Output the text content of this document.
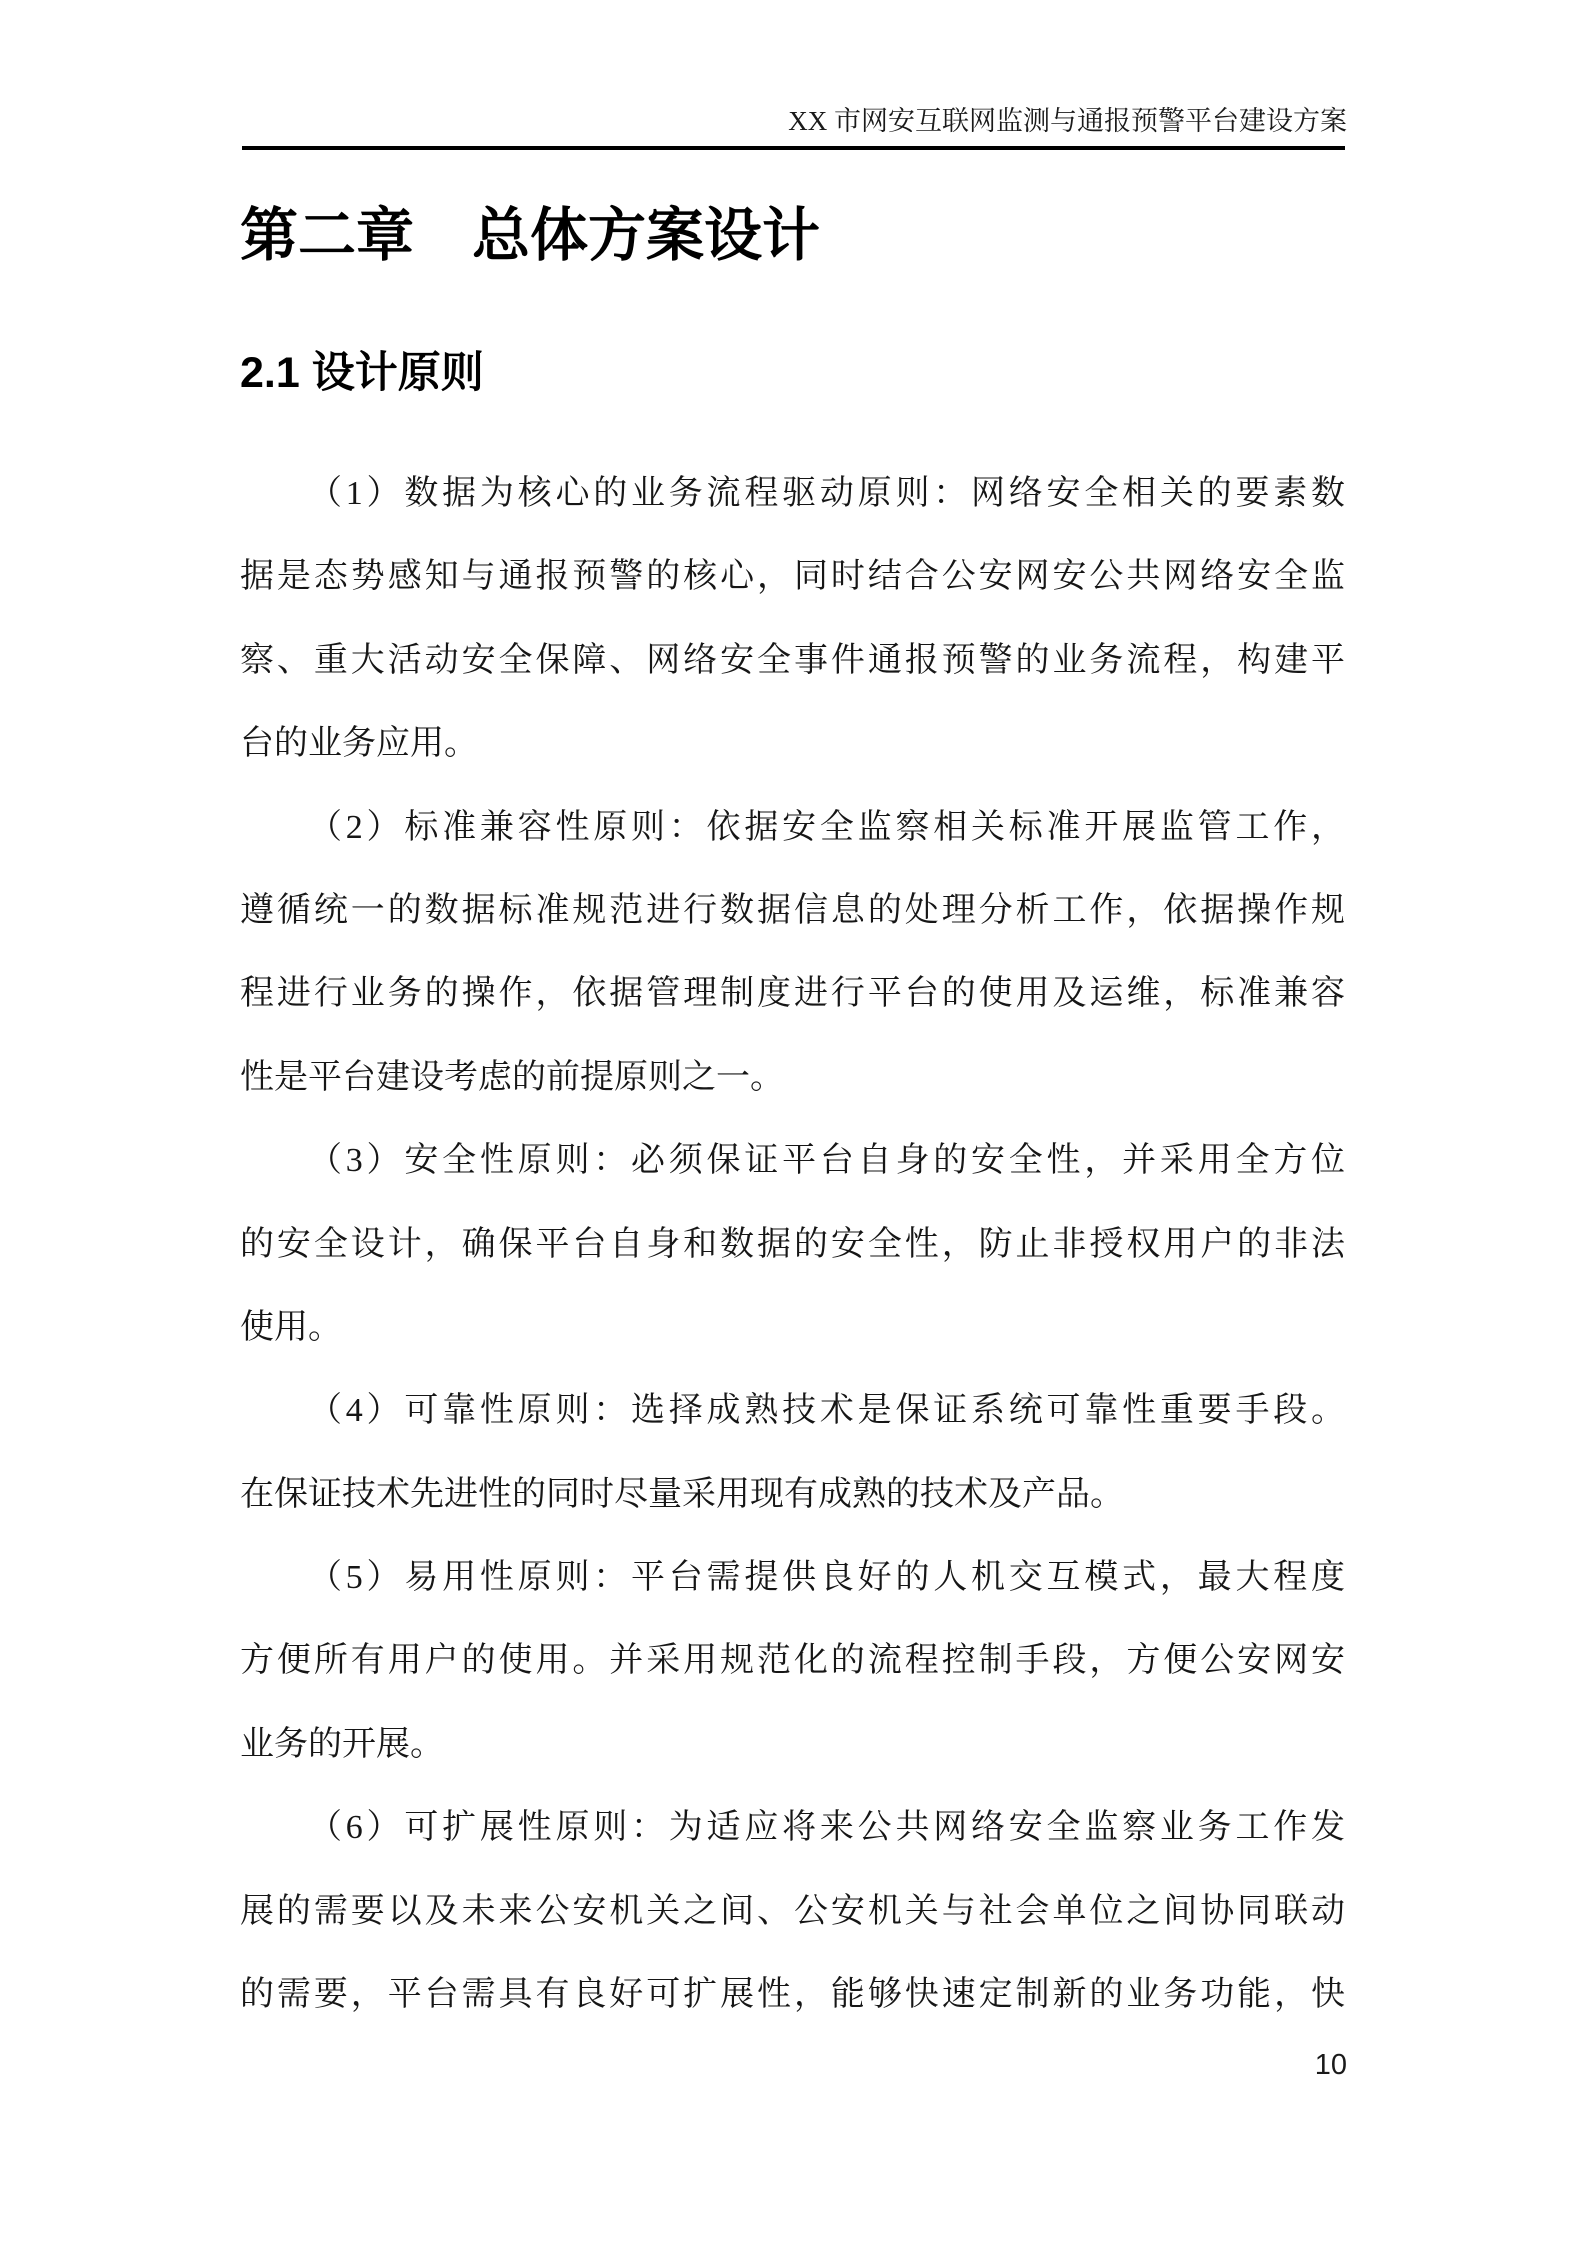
XX 市网安互联网监测与通报预警平台建设方案
第二章　总体方案设计
2.1 设计原则
（1）数据为核心的业务流程驱动原则：网络安全相关的要素数
据是态势感知与通报预警的核心，同时结合公安网安公共网络安全监
察、重大活动安全保障、网络安全事件通报预警的业务流程，构建平
台的业务应用。
（2）标准兼容性原则：依据安全监察相关标准开展监管工作，
遵循统一的数据标准规范进行数据信息的处理分析工作，依据操作规
程进行业务的操作，依据管理制度进行平台的使用及运维，标准兼容
性是平台建设考虑的前提原则之一。
（3）安全性原则：必须保证平台自身的安全性，并采用全方位
的安全设计，确保平台自身和数据的安全性，防止非授权用户的非法
使用。
（4）可靠性原则：选择成熟技术是保证系统可靠性重要手段。
在保证技术先进性的同时尽量采用现有成熟的技术及产品。
（5）易用性原则：平台需提供良好的人机交互模式，最大程度
方便所有用户的使用。并采用规范化的流程控制手段，方便公安网安
业务的开展。
（6）可扩展性原则：为适应将来公共网络安全监察业务工作发
展的需要以及未来公安机关之间、公安机关与社会单位之间协同联动
的需要，平台需具有良好可扩展性，能够快速定制新的业务功能，快
10
